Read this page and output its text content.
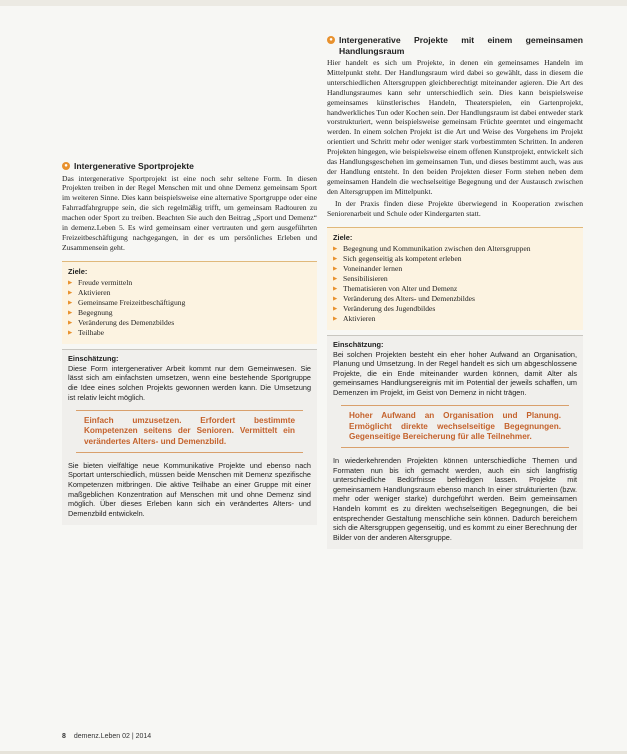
● Intergenerative Sportprojekte

Das intergenerative Sportprojekt ist eine noch sehr seltene Form. In diesen Projekten treiben in der Regel Menschen mit und ohne Demenz gemeinsam Sport im weiteren Sinne. Dies kann beispielsweise eine alternative Sportgruppe oder eine Fahrradfahrgruppe sein, die sich regelmäßig trifft, um gemeinsam Radtouren zu machen oder Sport zu treiben. Beachten Sie auch den Beitrag „Sport und Demenz“ in demenz.Leben 5. Es wird gemeinsam einer vertrauten und gern ausgeführten Freizeitbeschäftigung nachgegangen, in der es um persönliches Erleben und Zusammensein geht.

Ziele:
▶ Freude vermitteln
▶ Aktivieren
▶ Gemeinsame Freizeitbeschäftigung
▶ Begegnung
▶ Veränderung des Demenzbildes
▶ Teilhabe
Einschätzung:
Diese Form intergenerativer Arbeit kommt nur dem Gemeinwesen. Sie lässt sich am einfachsten umsetzen, wenn eine bestehende Sportgruppe die Idee eines solchen Projekts gewonnen werden kann. Die Umsetzung ist relativ leicht möglich.
Einfach umzusetzen. Erfordert bestimmte Kompetenzen seitens der Senioren. Vermittelt ein verändertes Alters- und Demenzbild.
Sie bieten vielfältige neue Kommunikative Projekte und ebenso nach Sportart unterschiedlich, müssen beide Menschen mit Demenz spezifische Kompetenzen mitbringen. Die aktive Teilhabe an einer Gruppe mit einer maßgeblichen Konzentration auf Menschen mit und ohne Demenz sind möglich. Über dieses Erleben kann sich ein verändertes Alters- und Demenzbild entwickeln.
● Intergenerative Projekte mit einem gemeinsamen Handlungsraum

Hier handelt es sich um Projekte, in denen ein gemeinsames Handeln im Mittelpunkt steht. Der Handlungsraum wird dabei so gewählt, dass in diesem die unterschiedlichen Altersgruppen gleichberechtigt miteinander agieren. Die Art des Handlungsraumes kann sehr unterschiedlich sein. Dies kann beispielsweise gemeinsames künstlerisches Handeln, Theaterspielen, ein Gartenprojekt, handwerkliches Tun oder Kochen sein. Der Handlungsraum ist dabei entweder stark vorstrukturiert, wenn beispielsweise gemeinsam Früchte geerntet und eingemacht werden. In einem solchen Projekt ist die Art und Weise des Vorgehens im Projekt orientiert und Schritt mehr oder weniger stark vorbestimmten Schritten. In anderen Projekten hingegen, wie beispielsweise einem offenen Kunstprojekt, entwickelt sich das Handlungsgeschehen im gemeinsamen Tun, und dieses bestimmt auch, was aus der Handlung entsteht. In den beiden Projekten dieser Form stehen neben dem gemeinsamen Handeln die wechselseitige Begegnung und der Austausch zwischen den Altersgruppen im Mittelpunkt.

In der Praxis finden diese Projekte überwiegend in Kooperation zwischen Seniorenarbeit und Schule oder Kindergarten statt.

Ziele:
▶ Begegnung und Kommunikation zwischen den Altersgruppen
▶ Sich gegenseitig als kompetent erleben
▶ Voneinander lernen
▶ Sensibilisieren
▶ Thematisieren von Alter und Demenz
▶ Veränderung des Alters- und Demenzbildes
▶ Veränderung des Jugendbildes
▶ Aktivieren
Einschätzung:
Bei solchen Projekten besteht ein eher hoher Aufwand an Organisation, Planung und Umsetzung. In der Regel handelt es sich um abgeschlossene Projekte, die ein Ende miteinander wurden können, damit Alter als gemeinsames Handlungsereignis mit im Potential der jeweils schaffen, um Demenzen im Projekt, im Geist von Demenz in nicht trägen.
Hoher Aufwand an Organisation und Planung. Ermöglicht direkte wechselseitige Begegnungen. Gegenseitige Bereicherung für alle Teilnehmer.
In wiederkehrenden Projekten können unterschiedliche Themen und Formaten nun bis ich gemacht werden, auch ein sich langfristig unterschiedliche Bedürfnisse befriedigen lassen. Projekte mit gemeinsamem Handlungsraum ebenso manch In einer strukturierten (bzw. mehr oder weniger starke) durchgeführt werden. Beim gemeinsamen Handeln kommt es zu direkten wechselseitigen Begegnungen, die bei entsprechender Gestaltung menschliche sein können. Dadurch bereichern sich die Altersgruppen gegenseitig, und es kommt zu einer Berechnung der Bilder von der anderen Altersgruppe.
8 demenz.Leben 02 | 2014
